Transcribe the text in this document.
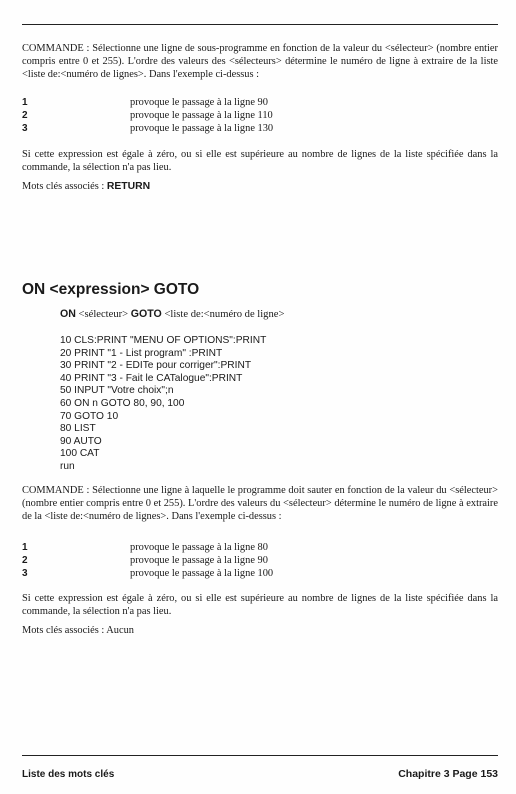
COMMANDE : Sélectionne une ligne de sous-programme en fonction de la valeur du <sélecteur> (nombre entier compris entre 0 et 255). L'ordre des valeurs des <sélecteurs> détermine le numéro de ligne à extraire de la liste <liste de:<numéro de lignes>. Dans l'exemple ci-dessus :
1	provoque le passage à la ligne 90
2	provoque le passage à la ligne 110
3	provoque le passage à la ligne 130
Si cette expression est égale à zéro, ou si elle est supérieure au nombre de lignes de la liste spécifiée dans la commande, la sélection n'a pas lieu.
Mots clés associés : RETURN
ON <expression> GOTO
ON <sélecteur> GOTO <liste de:<numéro de ligne>
10 CLS:PRINT "MENU OF OPTIONS":PRINT
20 PRINT "1 - List program" :PRINT
30 PRINT "2 - EDITe pour corriger":PRINT
40 PRINT "3 - Fait le CATalogue":PRINT
50 INPUT "Votre choix";n
60 ON n GOTO 80, 90, 100
70 GOTO 10
80 LIST
90 AUTO
100 CAT
run
COMMANDE : Sélectionne une ligne à laquelle le programme doit sauter en fonction de la valeur du <sélecteur> (nombre entier compris entre 0 et 255). L'ordre des valeurs du <sélecteur> détermine le numéro de ligne à extraire de la <liste de:<numéro de lignes>. Dans l'exemple ci-dessus :
1	provoque le passage à la ligne 80
2	provoque le passage à la ligne 90
3	provoque le passage à la ligne 100
Si cette expression est égale à zéro, ou si elle est supérieure au nombre de lignes de la liste spécifiée dans la commande, la sélection n'a pas lieu.
Mots clés associés : Aucun
Liste des mots clés	Chapitre 3 Page 153
